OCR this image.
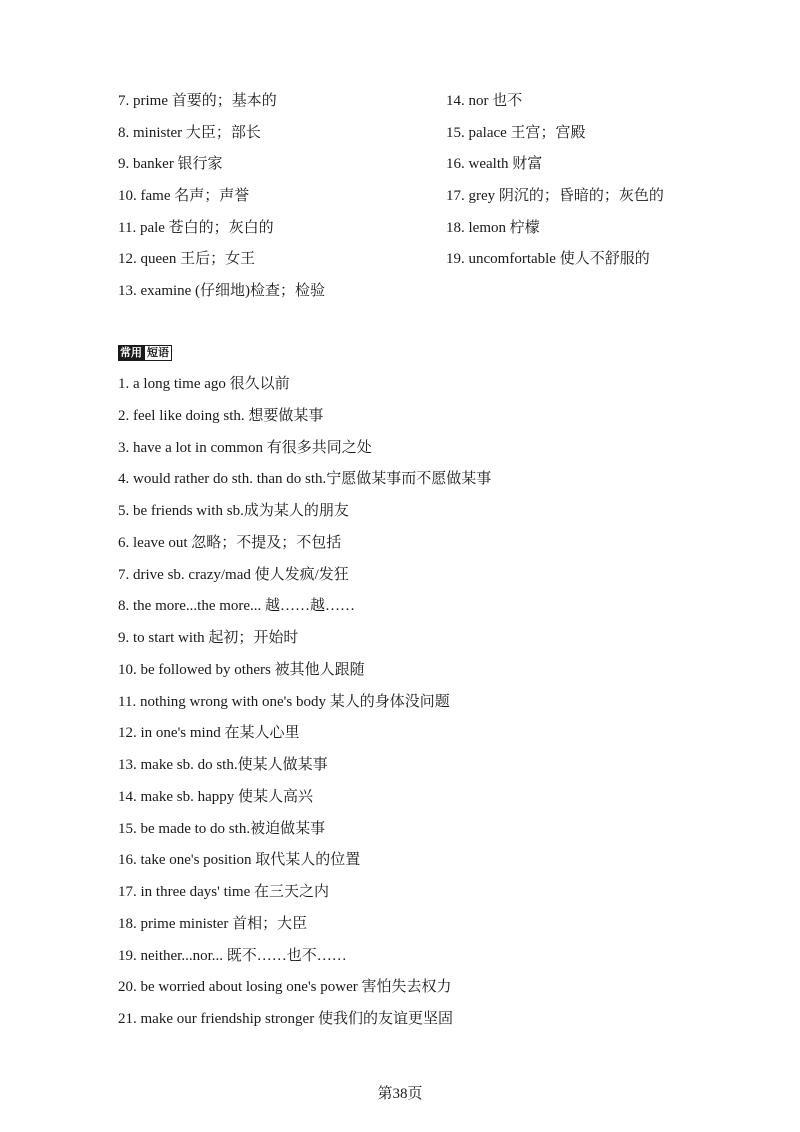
7. prime 首要的；基本的
8. minister 大臣；部长
9. banker 银行家
10. fame 名声；声誉
11. pale 苍白的；灰白的
12. queen 王后；女王
13. examine (仔细地)检查；检验
14. nor 也不
15. palace 王宫；宫殿
16. wealth 财富
17. grey 阴沉的；昏暗的；灰色的
18. lemon 柠檬
19. uncomfortable 使人不舒服的
常用 短语
1. a long time ago 很久以前
2. feel like doing sth. 想要做某事
3. have a lot in common 有很多共同之处
4. would rather do sth. than do sth.宁愿做某事而不愿做某事
5. be friends with sb.成为某人的朋友
6. leave out 忽略；不提及；不包括
7. drive sb. crazy/mad 使人发疯/发狂
8. the more...the more... 越……越……
9. to start with 起初；开始时
10. be followed by others 被其他人跟随
11. nothing wrong with one's body 某人的身体没问题
12. in one's mind 在某人心里
13. make sb. do sth.使某人做某事
14. make sb. happy 使某人高兴
15. be made to do sth.被迫做某事
16. take one's position 取代某人的位置
17. in three days' time 在三天之内
18. prime minister 首相；大臣
19. neither...nor... 既不……也不……
20. be worried about losing one's power 害怕失去权力
21. make our friendship stronger 使我们的友谊更坚固
第38页
